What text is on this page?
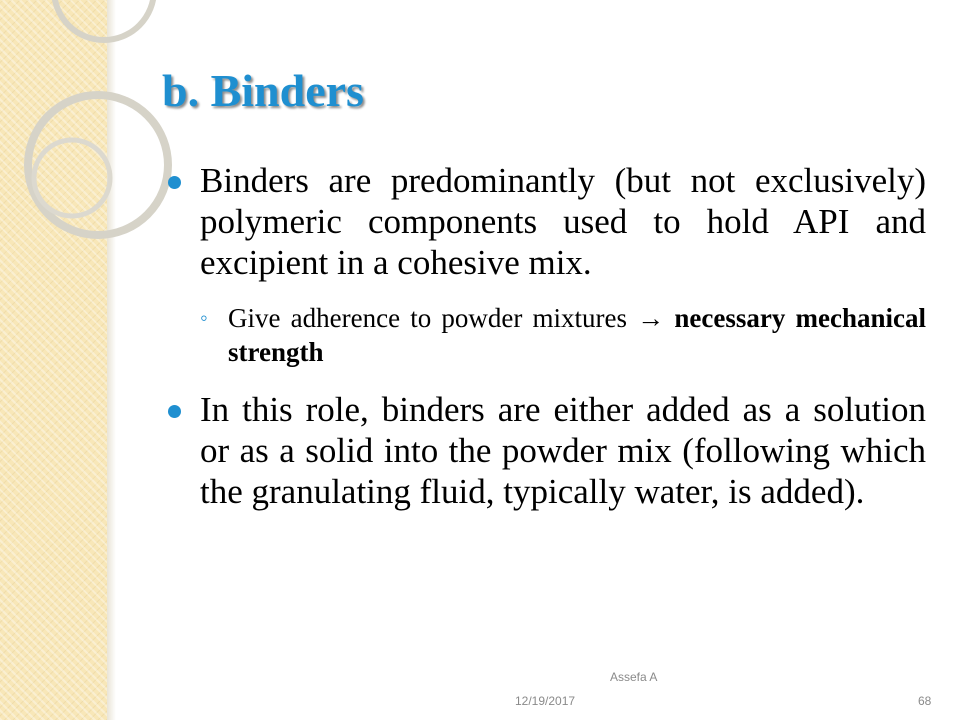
b. Binders
Binders are predominantly (but not exclusively) polymeric components used to hold API and excipient in a cohesive mix.
◦ Give adherence to powder mixtures → necessary mechanical strength
In this role, binders are either added as a solution or as a solid into the powder mix (following which the granulating fluid, typically water, is added).
Assefa A
12/19/2017	68
